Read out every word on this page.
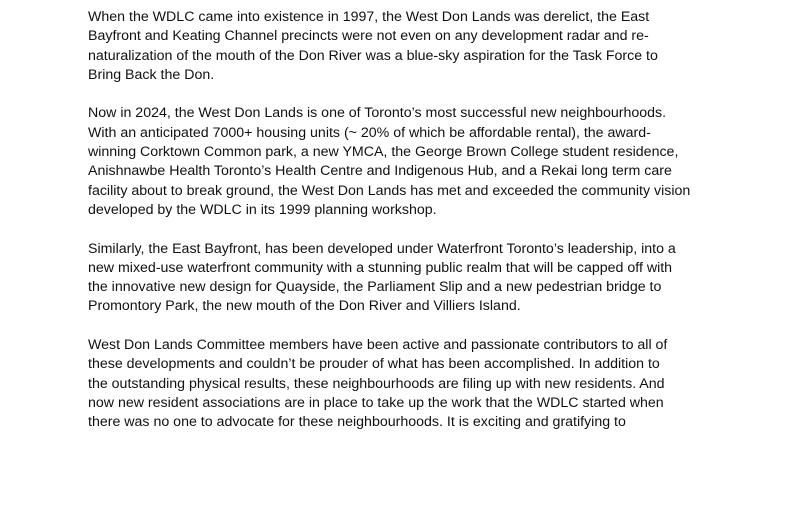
When the WDLC came into existence in 1997, the West Don Lands was derelict, the East
Bayfront and Keating Channel precincts were not even on any development radar and re-
naturalization of the mouth of the Don River was a blue-sky aspiration for the Task Force to
Bring Back the Don.

Now in 2024, the West Don Lands is one of Toronto’s most successful new neighbourhoods.
With an anticipated 7000+ housing units (~ 20% of which be affordable rental), the award-
winning Corktown Common park, a new YMCA, the George Brown College student residence,
Anishnawbe Health Toronto’s Health Centre and Indigenous Hub, and a Rekai long term care
facility about to break ground, the West Don Lands has met and exceeded the community vision
developed by the WDLC in its 1999 planning workshop.

Similarly, the East Bayfront, has been developed under Waterfront Toronto’s leadership, into a
new mixed-use waterfront community with a stunning public realm that will be capped off with
the innovative new design for Quayside, the Parliament Slip and a new pedestrian bridge to
Promontory Park, the new mouth of the Don River and Villiers Island.

West Don Lands Committee members have been active and passionate contributors to all of
these developments and couldn’t be prouder of what has been accomplished. In addition to
the outstanding physical results, these neighbourhoods are filing up with new residents. And
now new resident associations are in place to take up the work that the WDLC started when
there was no one to advocate for these neighbourhoods. It is exciting and gratifying to
